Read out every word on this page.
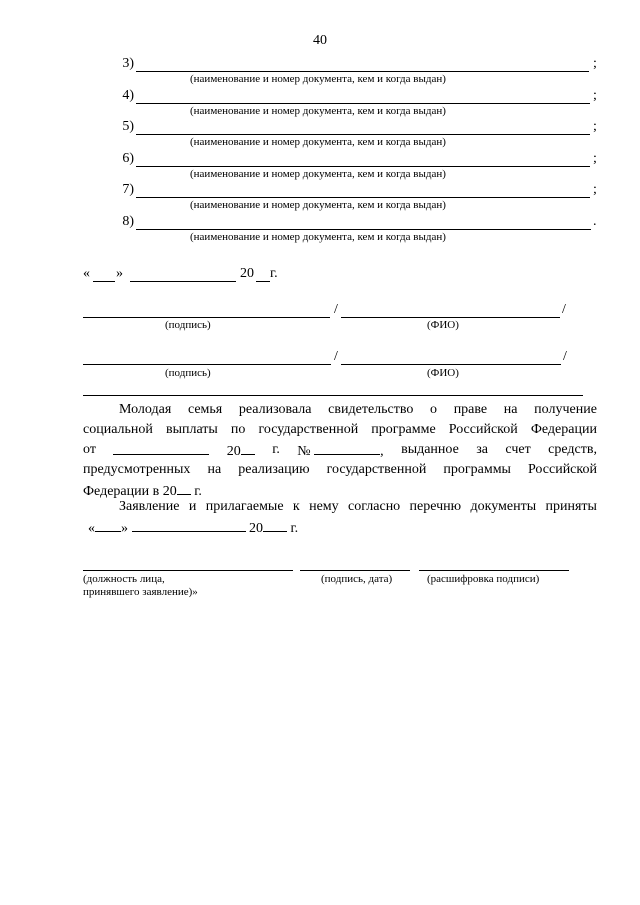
40
3)	;
(наименование и номер документа, кем и когда выдан)
4)	;
(наименование и номер документа, кем и когда выдан)
5)	;
(наименование и номер документа, кем и когда выдан)
6)	;
(наименование и номер документа, кем и когда выдан)
7)	;
(наименование и номер документа, кем и когда выдан)
8)	.
(наименование и номер документа, кем и когда выдан)
« »	20 г.
/	/
(подпись)	(ФИО)
/	/
(подпись)	(ФИО)
Молодая семья реализовала свидетельство о праве на получение
социальной выплаты по государственной программе Российской Федерации
от	20	г. №	, выданное за счет средств,
предусмотренных на реализацию государственной программы Российской
Федерации в 20 г.
Заявление и прилагаемые к нему согласно перечню документы приняты
« »	20 г.
(должность лица,
принявшего заявление)»
(подпись, дата)	(расшифровка подписи)
